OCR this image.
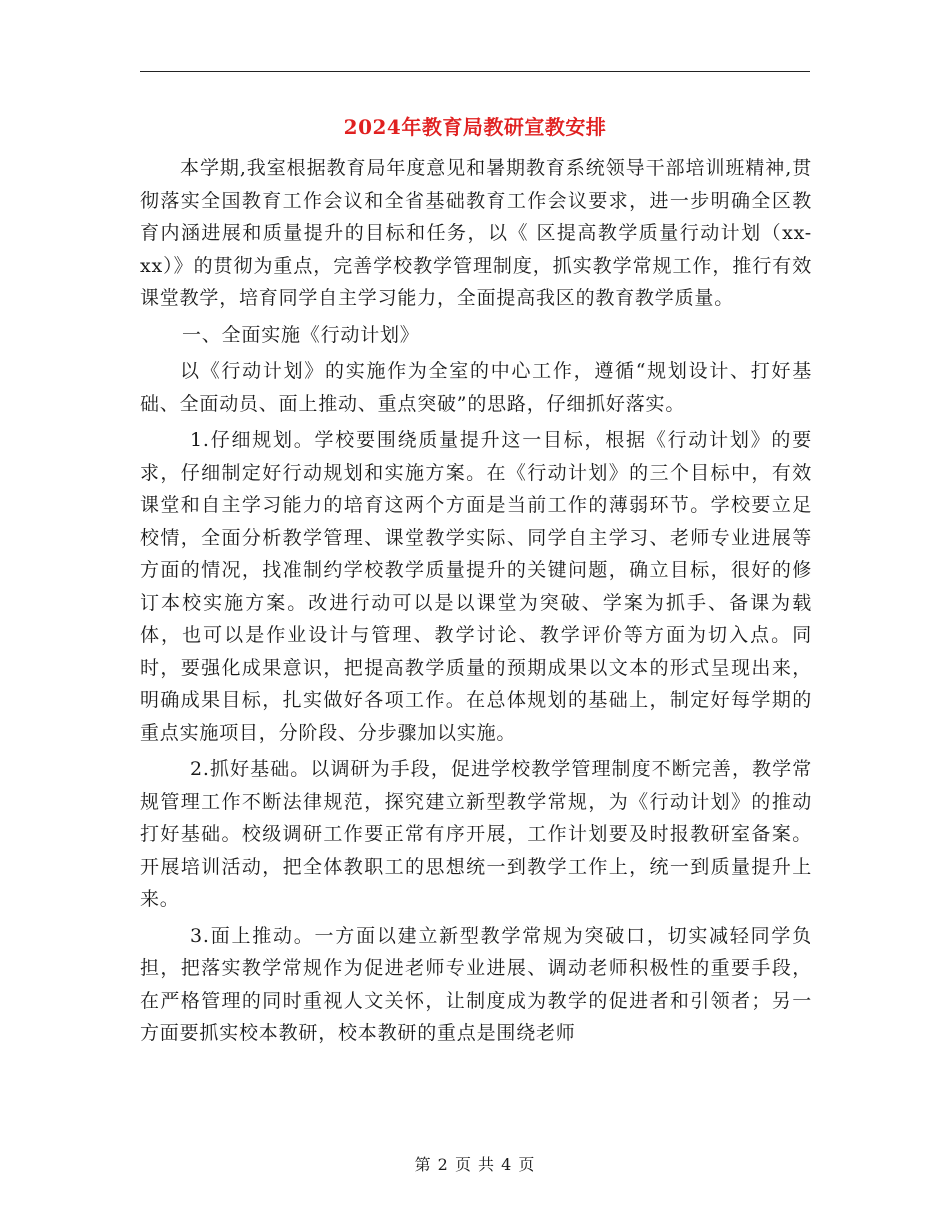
2024年教育局教研宣教安排

本学期,我室根据教育局年度意见和暑期教育系统领导干部培训班精神,贯彻落实全国教育工作会议和全省基础教育工作会议要求，进一步明确全区教育内涵进展和质量提升的目标和任务，以《 区提高教学质量行动计划（xx-xx）》的贯彻为重点，完善学校教学管理制度，抓实教学常规工作，推行有效课堂教学，培育同学自主学习能力，全面提高我区的教育教学质量。

一、全面实施《行动计划》

以《行动计划》的实施作为全室的中心工作，遵循“规划设计、打好基础、全面动员、面上推动、重点突破”的思路，仔细抓好落实。

1.仔细规划。学校要围绕质量提升这一目标，根据《行动计划》的要求，仔细制定好行动规划和实施方案。在《行动计划》的三个目标中，有效课堂和自主学习能力的培育这两个方面是当前工作的薄弱环节。学校要立足校情，全面分析教学管理、课堂教学实际、同学自主学习、老师专业进展等方面的情况，找准制约学校教学质量提升的关键问题，确立目标，很好的修订本校实施方案。改进行动可以是以课堂为突破、学案为抓手、备课为载体，也可以是作业设计与管理、教学讨论、教学评价等方面为切入点。同时，要强化成果意识，把提高教学质量的预期成果以文本的形式呈现出来，明确成果目标，扎实做好各项工作。在总体规划的基础上，制定好每学期的重点实施项目，分阶段、分步骤加以实施。

2.抓好基础。以调研为手段，促进学校教学管理制度不断完善，教学常规管理工作不断法律规范，探究建立新型教学常规，为《行动计划》的推动打好基础。校级调研工作要正常有序开展，工作计划要及时报教研室备案。开展培训活动，把全体教职工的思想统一到教学工作上，统一到质量提升上来。

3.面上推动。一方面以建立新型教学常规为突破口，切实减轻同学负担，把落实教学常规作为促进老师专业进展、调动老师积极性的重要手段，在严格管理的同时重视人文关怀，让制度成为教学的促进者和引领者；另一方面要抓实校本教研，校本教研的重点是围绕老师

第 2 页 共 4 页
